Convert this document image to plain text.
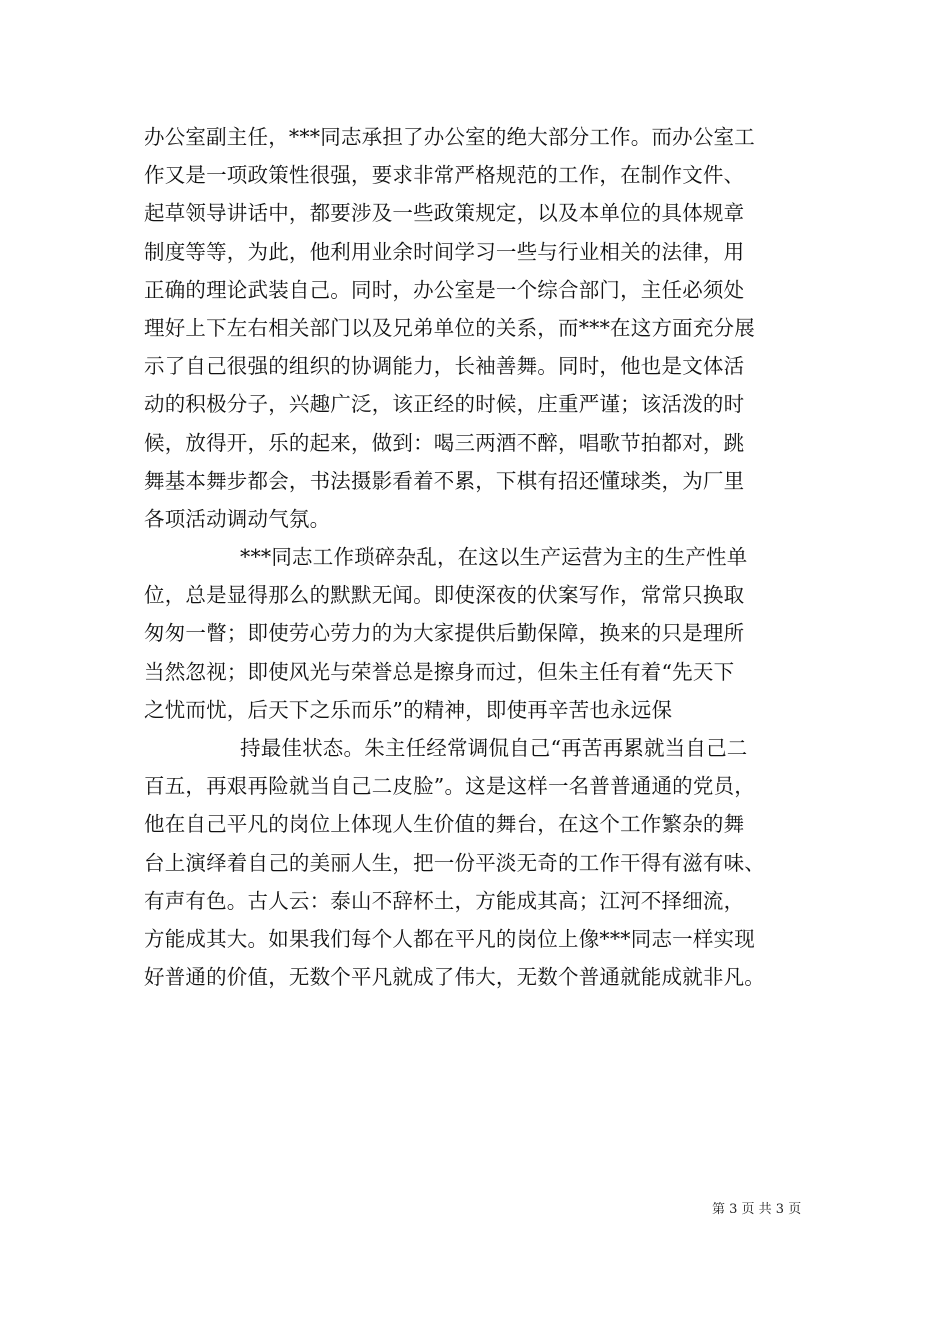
办公室副主任，***同志承担了办公室的绝大部分工作。而办公室工
作又是一项政策性很强，要求非常严格规范的工作，在制作文件、
起草领导讲话中，都要涉及一些政策规定，以及本单位的具体规章
制度等等，为此，他利用业余时间学习一些与行业相关的法律，用
正确的理论武装自己。同时，办公室是一个综合部门，主任必须处
理好上下左右相关部门以及兄弟单位的关系，而***在这方面充分展
示了自己很强的组织的协调能力，长袖善舞。同时，他也是文体活
动的积极分子，兴趣广泛，该正经的时候，庄重严谨；该活泼的时
候，放得开，乐的起来，做到：喝三两酒不醉，唱歌节拍都对，跳
舞基本舞步都会，书法摄影看着不累，下棋有招还懂球类，为厂里
各项活动调动气氛。
***同志工作琐碎杂乱，在这以生产运营为主的生产性单
位，总是显得那么的默默无闻。即使深夜的伏案写作，常常只换取
匆匆一瞥；即使劳心劳力的为大家提供后勤保障，换来的只是理所
当然忽视；即使风光与荣誉总是擦身而过，但朱主任有着“先天下
之忧而忧，后天下之乐而乐”的精神，即使再辛苦也永远保
持最佳状态。朱主任经常调侃自己“再苦再累就当自己二
百五，再艰再险就当自己二皮脸”。这是这样一名普普通通的党员，
他在自己平凡的岗位上体现人生价值的舞台，在这个工作繁杂的舞
台上演绎着自己的美丽人生，把一份平淡无奇的工作干得有滋有味、
有声有色。古人云：泰山不辞杯土，方能成其高；江河不择细流，
方能成其大。如果我们每个人都在平凡的岗位上像***同志一样实现
好普通的价值，无数个平凡就成了伟大，无数个普通就能成就非凡。
第 3 页 共 3 页
